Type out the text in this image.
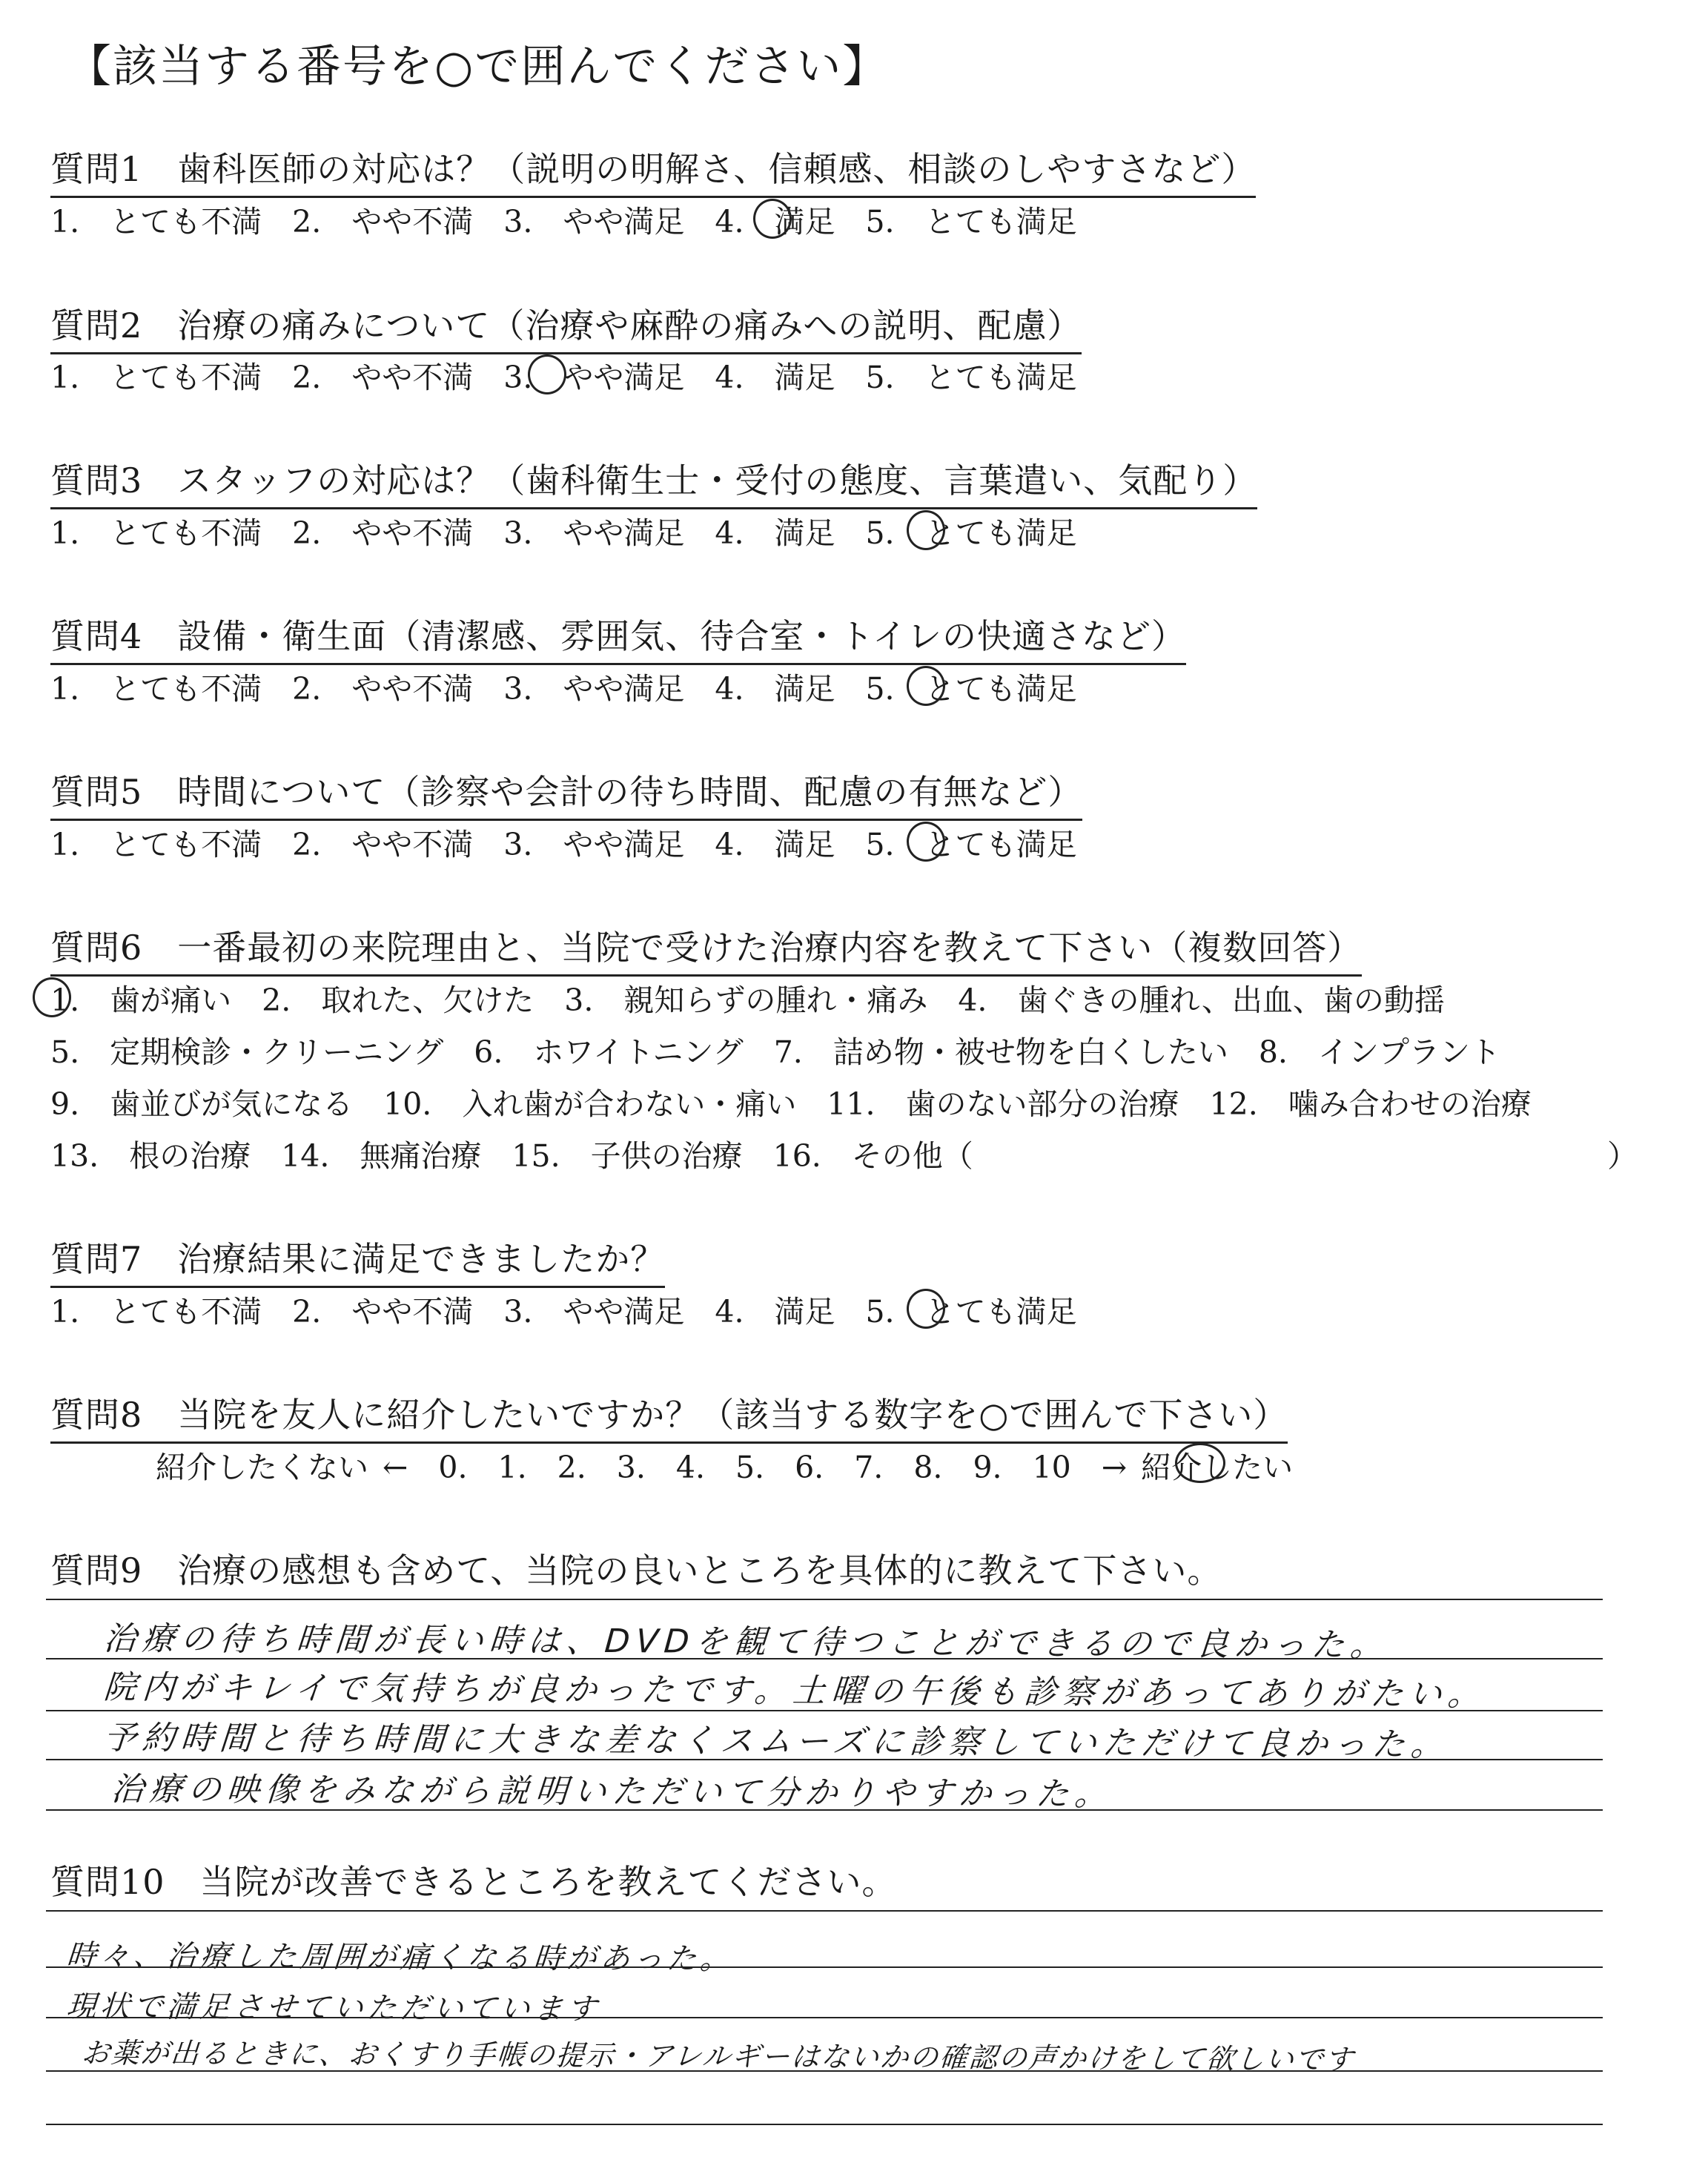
【該当する番号を○で囲んでください】
質問1　歯科医師の対応は？（説明の明解さ、信頼感、相談のしやすさなど）
1.　とても不満　2.　やや不満　3.　やや満足　4.　満足　5.　とても満足
質問2　治療の痛みについて（治療や麻酔の痛みへの説明、配慮）
1.　とても不満　2.　やや不満　3.　やや満足　4.　満足　5.　とても満足
質問3　スタッフの対応は？（歯科衛生士・受付の態度、言葉遣い、気配り）
1.　とても不満　2.　やや不満　3.　やや満足　4.　満足　5.　とても満足
質問4　設備・衛生面（清潔感、雰囲気、待合室・トイレの快適さなど）
1.　とても不満　2.　やや不満　3.　やや満足　4.　満足　5.　とても満足
質問5　時間について（診察や会計の待ち時間、配慮の有無など）
1.　とても不満　2.　やや不満　3.　やや満足　4.　満足　5.　とても満足
質問6　一番最初の来院理由と、当院で受けた治療内容を教えて下さい（複数回答）
1.　歯が痛い　2.　取れた、欠けた　3.　親知らずの腫れ・痛み　4.　歯ぐきの腫れ、出血、歯の動揺
5.　定期検診・クリーニング　6.　ホワイトニング　7.　詰め物・被せ物を白くしたい　8.　インプラント
9.　歯並びが気になる　10.　入れ歯が合わない・痛い　11.　歯のない部分の治療　12.　噛み合わせの治療
13.　根の治療　14.　無痛治療　15.　子供の治療　16.　その他（	）
質問7　治療結果に満足できましたか？
1.　とても不満　2.　やや不満　3.　やや満足　4.　満足　5.　とても満足
質問8　当院を友人に紹介したいですか？（該当する数字を○で囲んで下さい）
紹介したくない ←　0.　1.　2.　3.　4.　5.　6.　7.　8.　9.　10　→ 紹介したい
質問9　治療の感想も含めて、当院の良いところを具体的に教えて下さい。
治療の待ち時間が長い時は、DVDを観て待つことができるので良かった。
院内がキレイで気持ちが良かったです。土曜の午後も診察があってありがたい。
予約時間と待ち時間に大きな差なくスムーズに診察していただけて良かった。
治療の映像をみながら説明いただいて分かりやすかった。
質問10　当院が改善できるところを教えてください。
時々、治療した周囲が痛くなる時があった。
現状で満足させていただいています
お薬が出るときに、おくすり手帳の提示・アレルギーはないかの確認の声かけをして欲しいです
